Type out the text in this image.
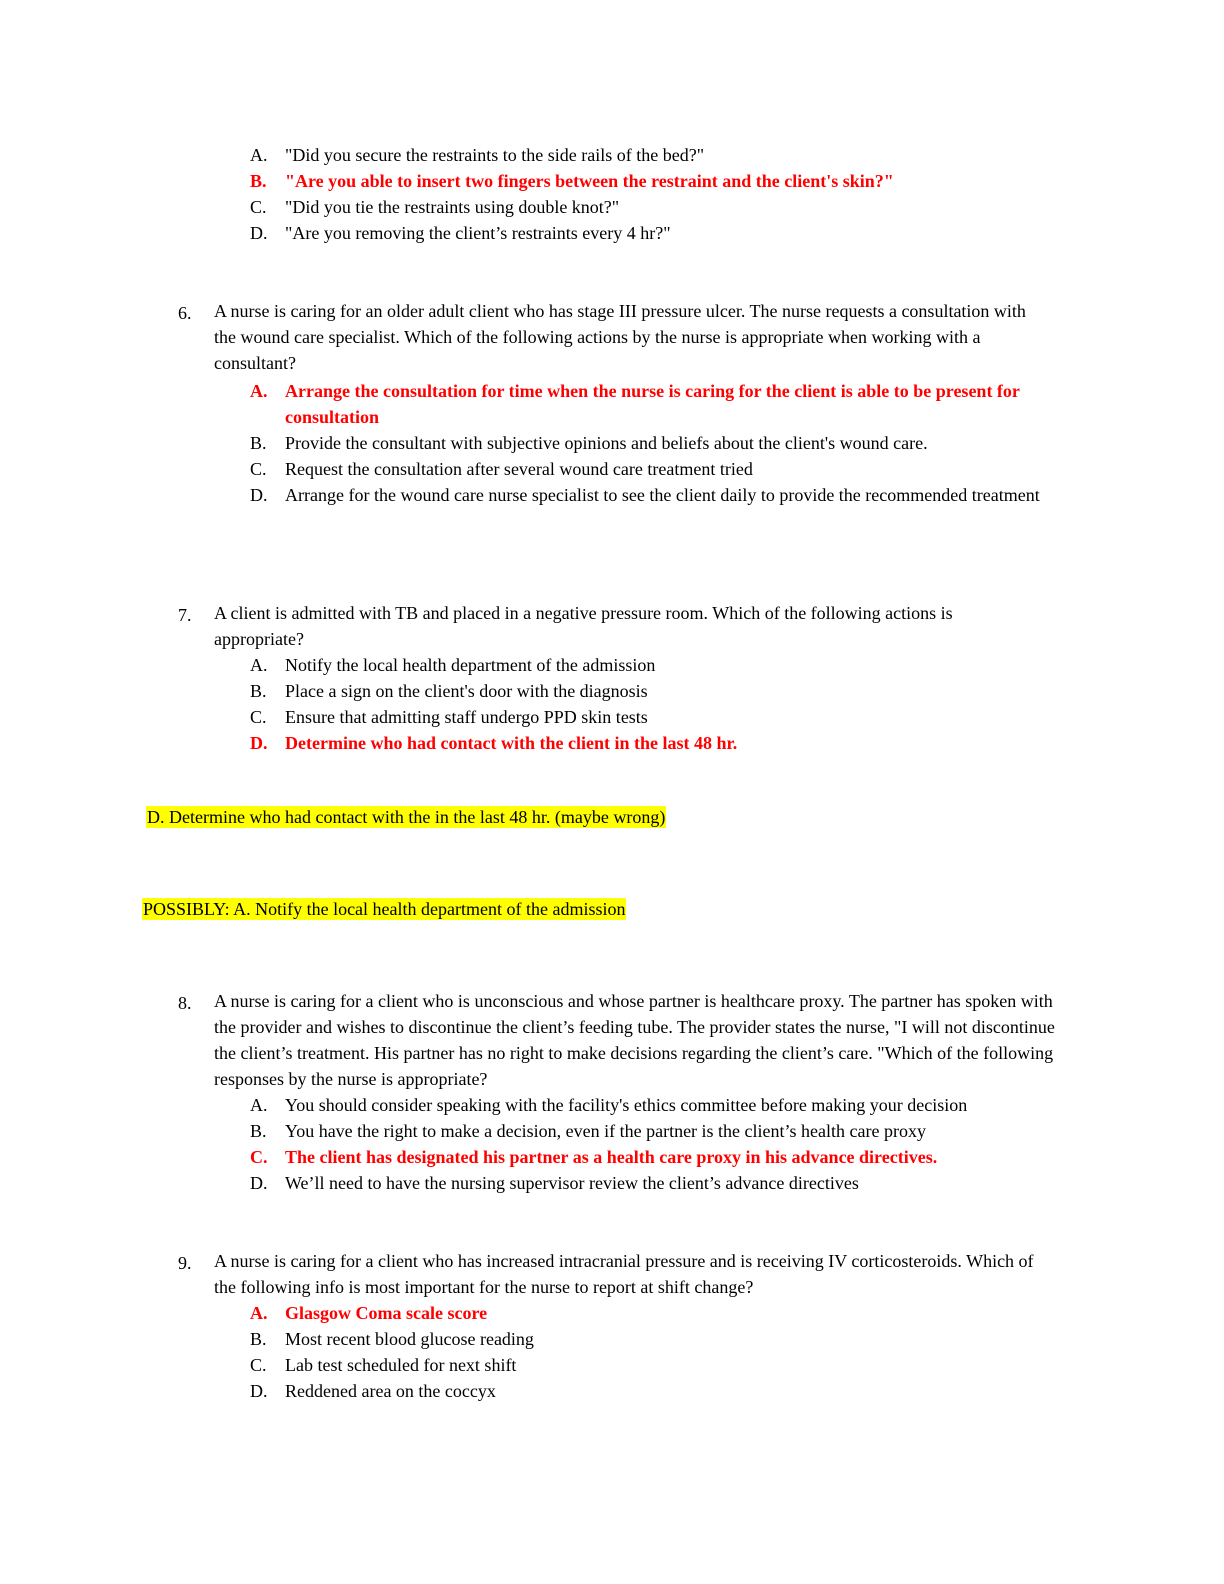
A. "Did you secure the restraints to the side rails of the bed?"
B.	"Are you able to insert two fingers between the restraint and the client's skin?"
C.	"Did you tie the restraints using double knot?"
D. "Are you removing the client’s restraints every 4 hr?"
6.	A nurse is caring for an older adult client who has stage III pressure ulcer. The nurse requests a consultation with the wound care specialist. Which of the following actions by the nurse is appropriate when working with a consultant?
A. Arrange the consultation for time when the nurse is caring for the client is able to be present for consultation
B.	Provide the consultant with subjective opinions and beliefs about the client's wound care.
C.	Request the consultation after several wound care treatment tried
D. Arrange for the wound care nurse specialist to see the client daily to provide the recommended treatment
7.	A client is admitted with TB and placed in a negative pressure room. Which of the following actions is appropriate?
A. Notify the local health department of the admission
B.	Place a sign on the client's door with the diagnosis
C.	Ensure that admitting staff undergo PPD skin tests
D. Determine who had contact with the client in the last 48 hr.
D. Determine who had contact with the in the last 48 hr. (maybe wrong)
POSSIBLY: A. Notify the local health department of the admission
8.	A nurse is caring for a client who is unconscious and whose partner is healthcare proxy. The partner has spoken with the provider and wishes to discontinue the client’s feeding tube. The provider states the nurse, "I will not discontinue the client’s treatment. His partner has no right to make decisions regarding the client’s care. "Which of the following responses by the nurse is appropriate?
A. You should consider speaking with the facility's ethics committee before making your decision
B.	You have the right to make a decision, even if the partner is the client’s health care proxy
C. The client has designated his partner as a health care proxy in his advance directives.
D. We’ll need to have the nursing supervisor review the client’s advance directives
9.	A nurse is caring for a client who has increased intracranial pressure and is receiving IV corticosteroids. Which of the following info is most important for the nurse to report at shift change?
A. Glasgow Coma scale score
B.	Most recent blood glucose reading
C.	Lab test scheduled for next shift
D. Reddened area on the coccyx
